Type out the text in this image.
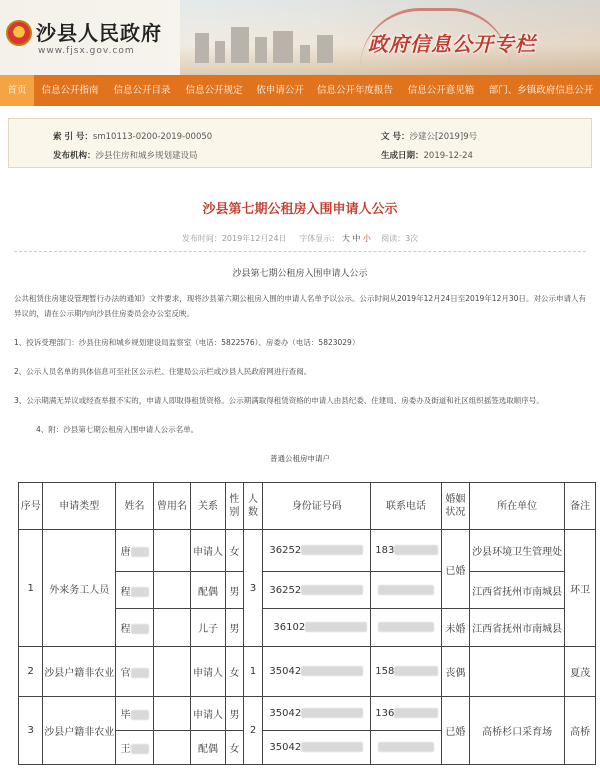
沙县人民政府
www.fjsx.gov.com	政府信息公开专栏
首页	信息公开指南	信息公开目录	信息公开规定	依申请公开	信息公开年度报告	信息公开意见箱	部门、乡镇政府信息公开
索 引 号：sm10113-0200-2019-00050	文 号：沙建公[2019]9号
发布机构：沙县住房和城乡规划建设局	生成日期：2019-12-24
沙县第七期公租房入围申请人公示
发布时间：2019年12月24日 字体显示： 大 中 小 阅读：3次
沙县第七期公租房入围申请人公示
公共租赁住房建设管理暂行办法的通知》文件要求，现将沙县第六期公租房入围的申请人名单予以公示。公示时间从2019年12月24日至2019年12月30日。对公示申请人有异议的，请在公示期内向沙县住房委员会办公室反映。
1、投诉受理部门：沙县住房和城乡规划建设局监察室（电话：5822576）、房委办（电话：5823029）
2、公示人员名单的具体信息可至社区公示栏、住建局公示栏或沙县人民政府网进行查阅。
3、公示期满无异议或经查举报不实的，申请人即取得租赁资格。公示期满取得租赁资格的申请人由县纪委、住建局、房委办及街道和社区组织摇签选取顺序号。
4、附：沙县第七期公租房入围申请人公示名单。
普通公租房申请户
序号	申请类型	姓名	曾用名	关系	性别	人数	身份证号码	联系电话	婚姻状况	所在单位	备注
1	外来务工人员	唐		申请人	女	3	36252	183	已婚	沙县环境卫生管理处	环卫
		程		配偶	男		36252			江西省抚州市南城县	
		程		儿子	男		36102		未婚	江西省抚州市南城县	
2	沙县户籍非农业	官		申请人	女	1	35042	158	丧偶		夏茂
3	沙县户籍非农业	毕		申请人	男	2	35042	136	已婚	高桥杉口采育场	高桥
		王		配偶	女		35042				
